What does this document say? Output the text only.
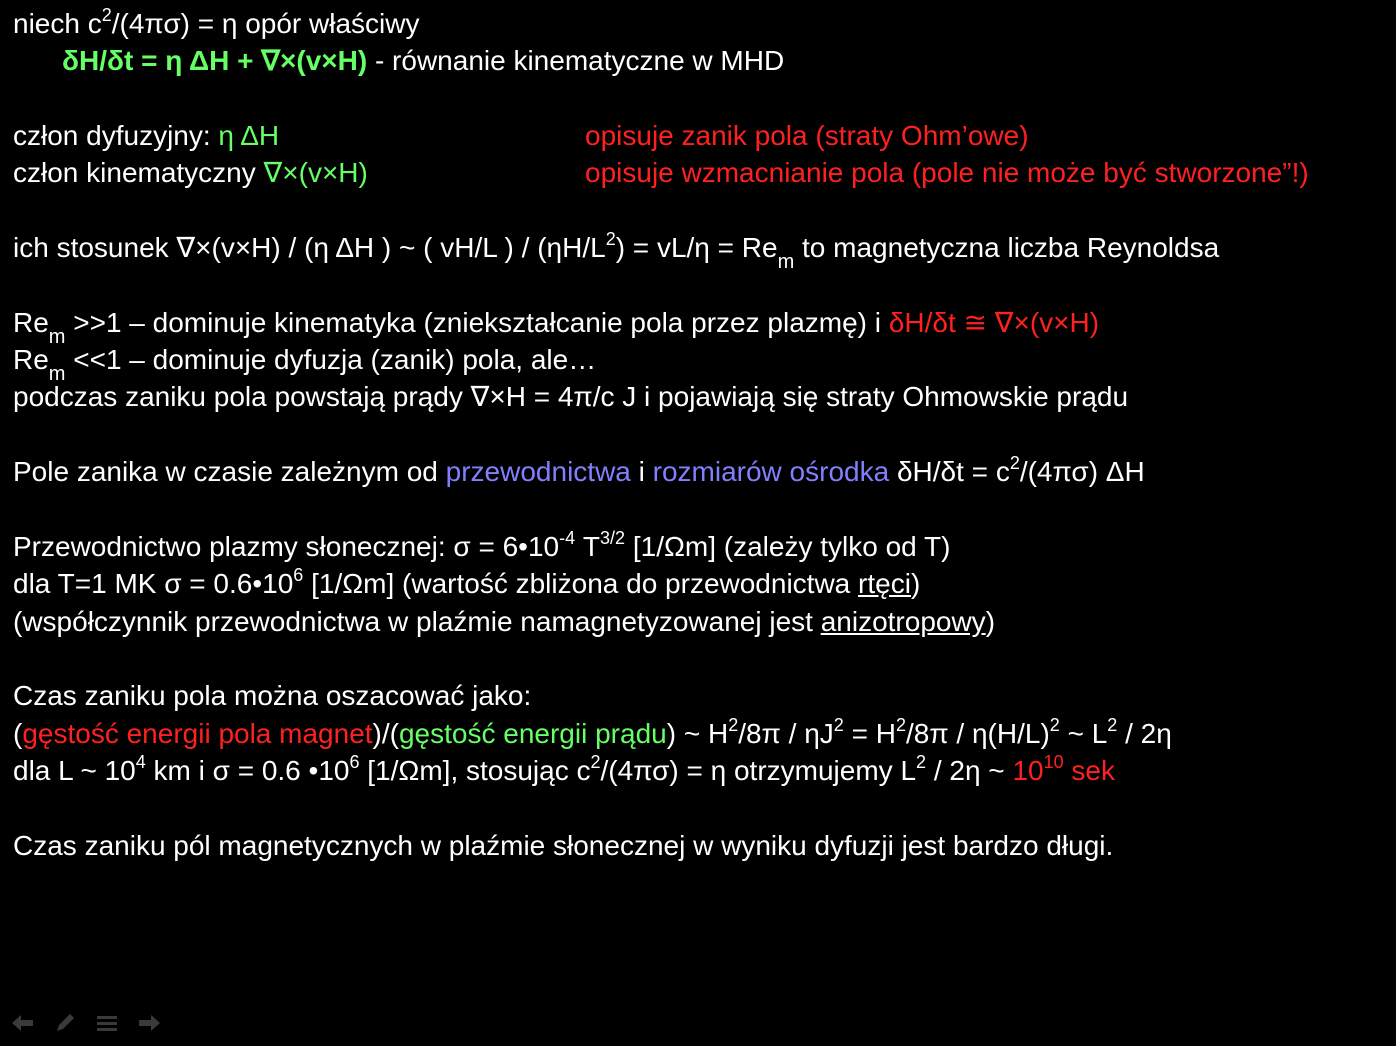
niech $c^2/(4\pi\sigma) = \eta$ opór właściwy
δH/δt = η ΔH + ∇×(v×H) - równanie kinematyczne w MHD
człon dyfuzyjny: η ΔH	opisuje zanik pola (straty Ohm’owe)
człon kinematyczny ∇×(v×H)	opisuje wzmacnianie pola (pole nie może być stworzone”!)
ich stosunek ∇×(v×H) / (η ΔH ) ~ ( vH/L ) / $(\eta H/L^2) = vL/\eta = Re_m$ to magnetyczna liczba Reynoldsa
$Re_m >>1$ – dominuje kinematyka (zniekształcanie pola przez plazmę) i δH/δt ≅ ∇×(v×H)
$Re_m <<1$ – dominuje dyfuzja (zanik) pola, ale…
podczas zaniku pola powstają prądy ∇×H = 4π/c J i pojawiają się straty Ohmowskie prądu
Pole zanika w czasie zależnym od przewodnictwa i rozmiarów ośrodka $\delta H/\delta t = c^2/(4\pi\sigma)$ ΔH
Przewodnictwo plazmy słonecznej: $\sigma = 6•10^{-4}$ $T^{3/2}$ [1/Ωm] (zależy tylko od T)
dla T=1 MK $\sigma = 0.6•10^6$ [1/Ωm] (wartość zbliżona do przewodnictwa rtęci)
(współczynnik przewodnictwa w plaźmie namagnetyzowanej jest anizotropowy)
Czas zaniku pola można oszacować jako:
(gęstość energii pola magnet)/(gęstość energii prądu) ~ $H^2/8\pi / \eta J^2 = H^2/8\pi / \eta(H/L)^2$ ~ $L^2 / 2\eta$
dla L ~ $10^4$ km i σ = 0.6 $•10^6$ [1/Ωm], stosując $c^2/(4\pi\sigma) = \eta$ otrzymujemy $L^2 / 2\eta$ ~ $10^{10}$ sek
Czas zaniku pól magnetycznych w plaźmie słonecznej w wyniku dyfuzji jest bardzo długi.
